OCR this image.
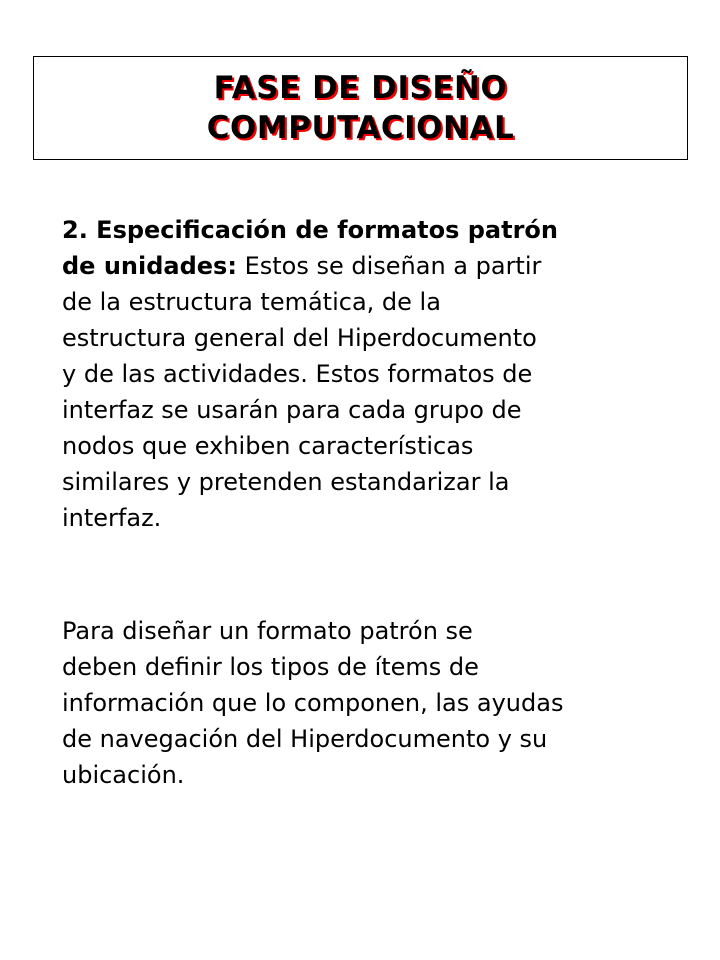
FASE DE DISEÑO
COMPUTACIONAL
2. Especificación de formatos patrón
de unidades: Estos se diseñan a partir
de la estructura temática, de la
estructura general del Hiperdocumento
y de las actividades. Estos formatos de
interfaz se usarán para cada grupo de
nodos que exhiben características
similares y pretenden estandarizar la
interfaz.
Para diseñar un formato patrón se
deben definir los tipos de ítems de
información que lo componen, las ayudas
de navegación del Hiperdocumento y su
ubicación.
